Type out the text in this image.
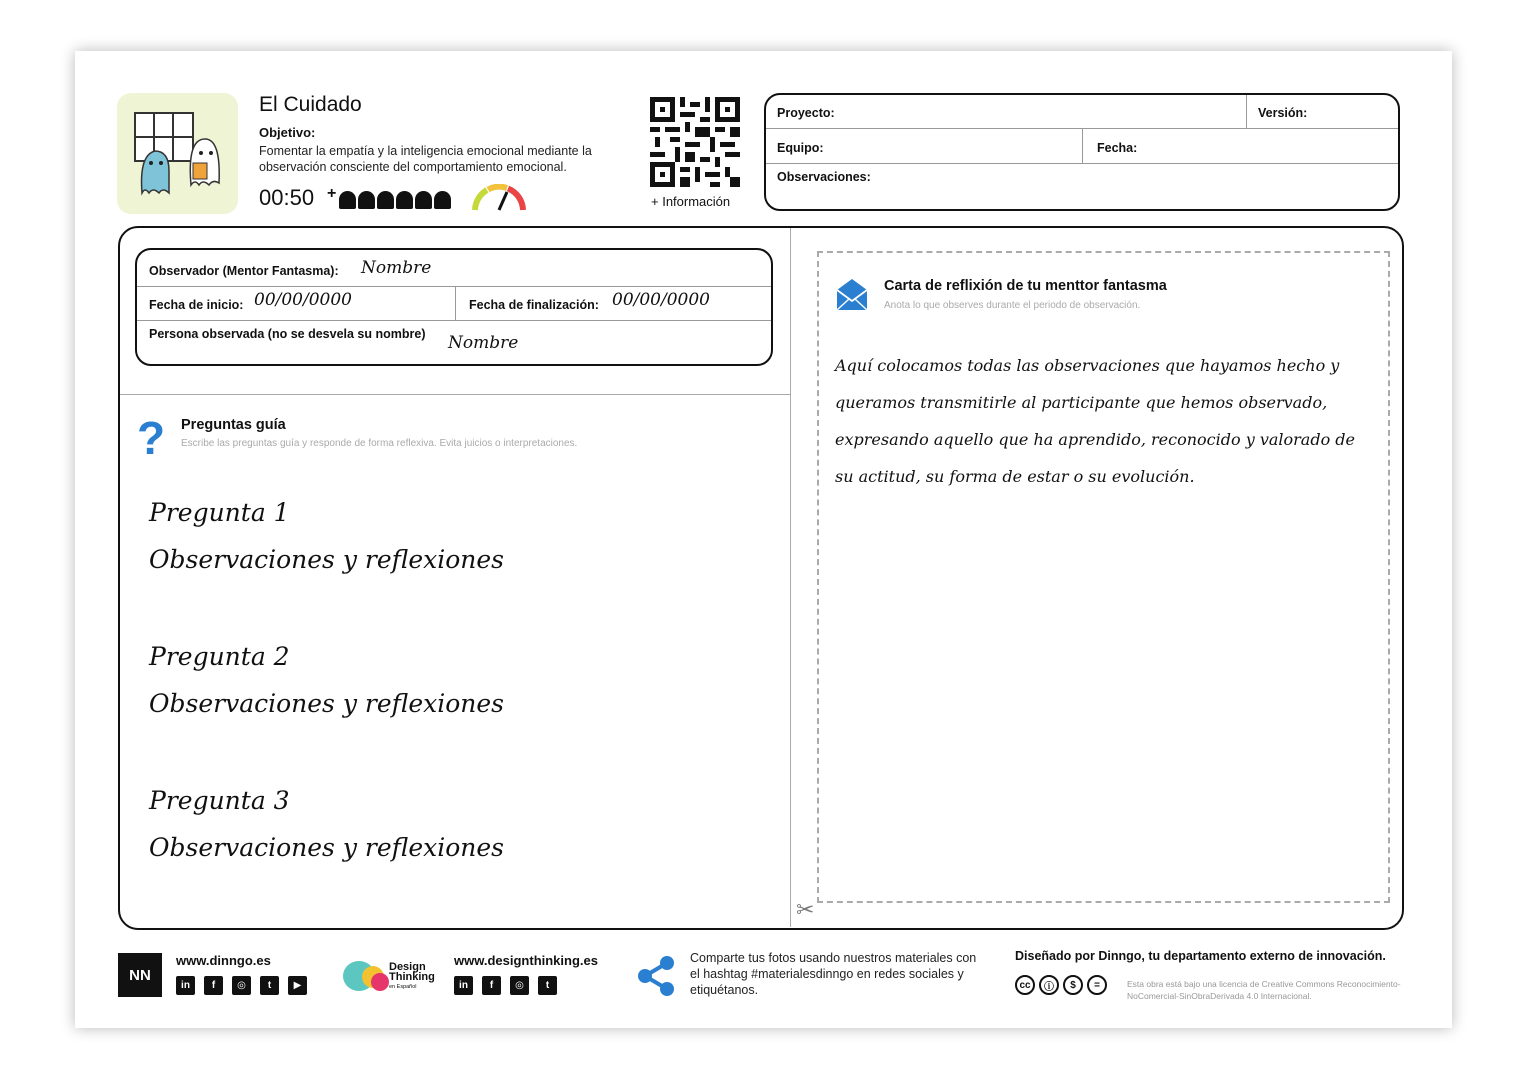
El Cuidado
Objetivo:
Fomentar la empatía y la inteligencia emocional mediante la observación consciente del comportamiento emocional.
00:50 +	+ Información
Proyecto:	Versión:
Equipo:	Fecha:
Observaciones:
Observador (Mentor Fantasma): Nombre
Fecha de inicio: 00/00/0000	Fecha de finalización: 00/00/0000
Persona observada (no se desvela su nombre) Nombre
? Preguntas guía
Escribe las preguntas guía y responde de forma reflexiva. Evita juicios o interpretaciones.
Pregunta 1
Observaciones y reflexiones
Pregunta 2
Observaciones y reflexiones
Pregunta 3
Observaciones y reflexiones
Carta de reflixión de tu menttor fantasma
Anota lo que observes durante el periodo de observación.
Aquí colocamos todas las observaciones que hayamos hecho y queramos transmitirle al participante que hemos observado, expresando aquello que ha aprendido, reconocido y valorado de su actitud, su forma de estar o su evolución.
✂
NN
www.dinngo.es
in	f	◎	t	▶
Design
Thinking
en Español
www.designthinking.es
in	f	◎	t
Comparte tus fotos usando nuestros materiales con el hashtag #materialesdinngo en redes sociales y etiquétanos.
Diseñado por Dinngo, tu departamento externo de innovación.
cc	ⓘ	$	=	Esta obra está bajo una licencia de Creative Commons Reconocimiento-NoComercial-SinObraDerivada 4.0 Internacional.
